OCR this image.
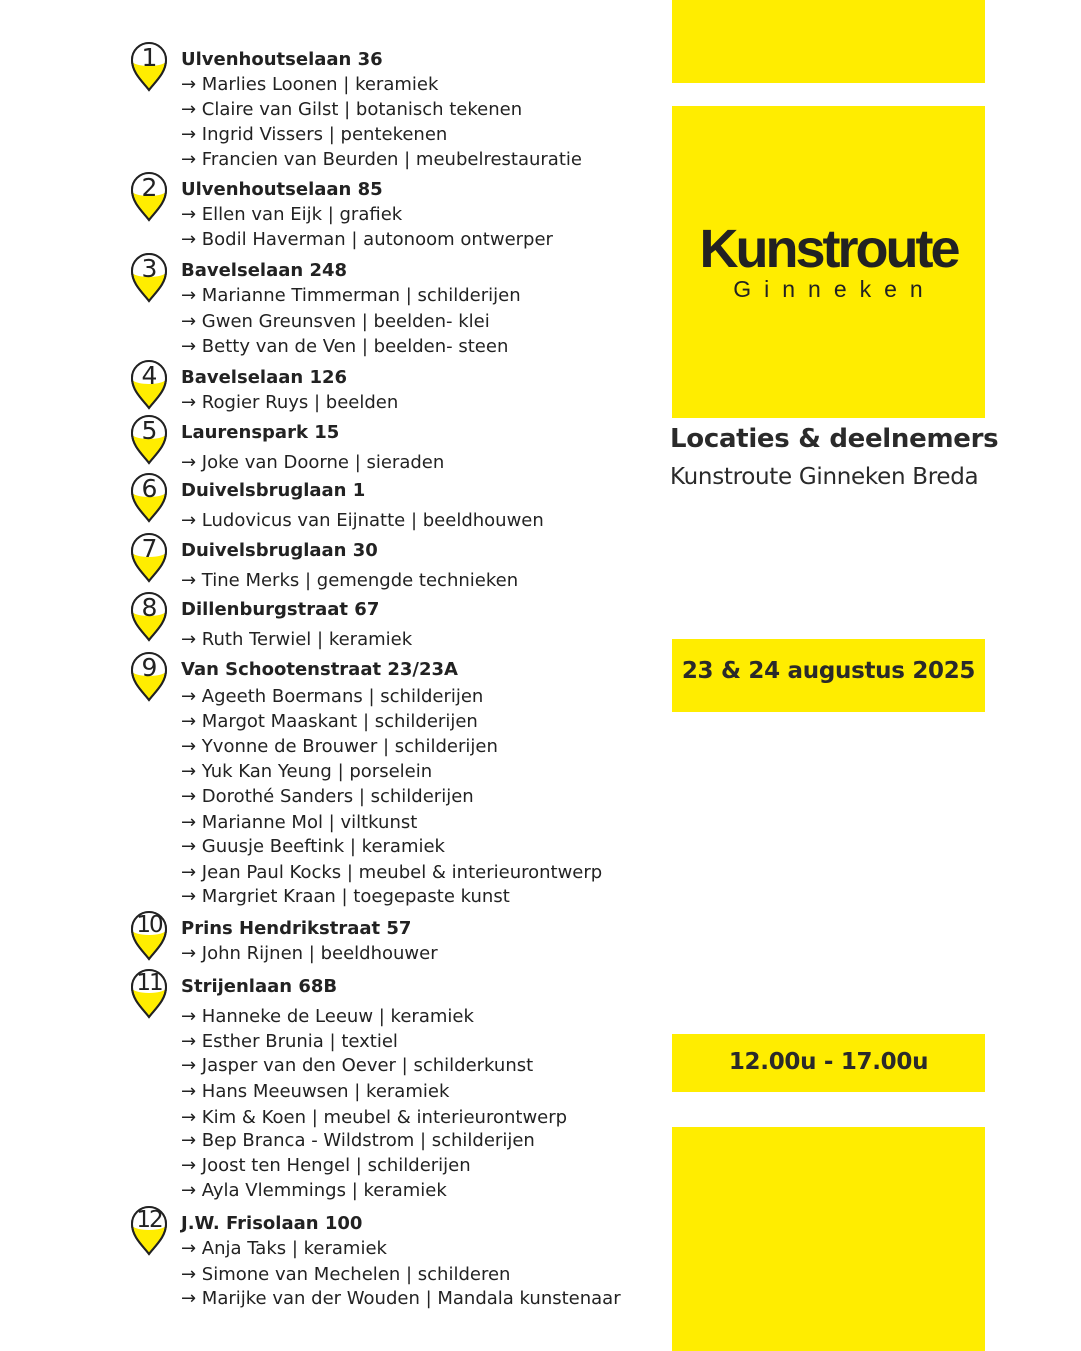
Kunstroute
Ginneken
Locaties & deelnemers
Kunstroute Ginneken Breda
23 & 24 augustus 2025
12.00u - 17.00u
1	Ulvenhoutselaan 36
→ Marlies Loonen | keramiek
→ Claire van Gilst | botanisch tekenen
→ Ingrid Vissers | pentekenen
→ Francien van Beurden | meubelrestauratie
2	Ulvenhoutselaan 85
→ Ellen van Eijk | grafiek
→ Bodil Haverman | autonoom ontwerper
3	Bavelselaan 248
→ Marianne Timmerman | schilderijen
→ Gwen Greunsven | beelden- klei
→ Betty van de Ven | beelden- steen
4	Bavelselaan 126
→ Rogier Ruys | beelden
5	Laurenspark 15
→ Joke van Doorne | sieraden
6	Duivelsbruglaan 1
→ Ludovicus van Eijnatte | beeldhouwen
7	Duivelsbruglaan 30
→ Tine Merks | gemengde technieken
8	Dillenburgstraat 67
→ Ruth Terwiel | keramiek
9	Van Schootenstraat 23/23A
→ Ageeth Boermans | schilderijen
→ Margot Maaskant | schilderijen
→ Yvonne de Brouwer | schilderijen
→ Yuk Kan Yeung | porselein
→ Dorothé Sanders | schilderijen
→ Marianne Mol | viltkunst
→ Guusje Beeftink | keramiek
→ Jean Paul Kocks | meubel & interieurontwerp
→ Margriet Kraan | toegepaste kunst
10	Prins Hendrikstraat 57
→ John Rijnen | beeldhouwer
11	Strijenlaan 68B
→ Hanneke de Leeuw | keramiek
→ Esther Brunia | textiel
→ Jasper van den Oever | schilderkunst
→ Hans Meeuwsen | keramiek
→ Kim & Koen | meubel & interieurontwerp
→ Bep Branca - Wildstrom | schilderijen
→ Joost ten Hengel | schilderijen
→ Ayla Vlemmings | keramiek
12	J.W. Frisolaan 100
→ Anja Taks | keramiek
→ Simone van Mechelen | schilderen
→ Marijke van der Wouden | Mandala kunstenaar
